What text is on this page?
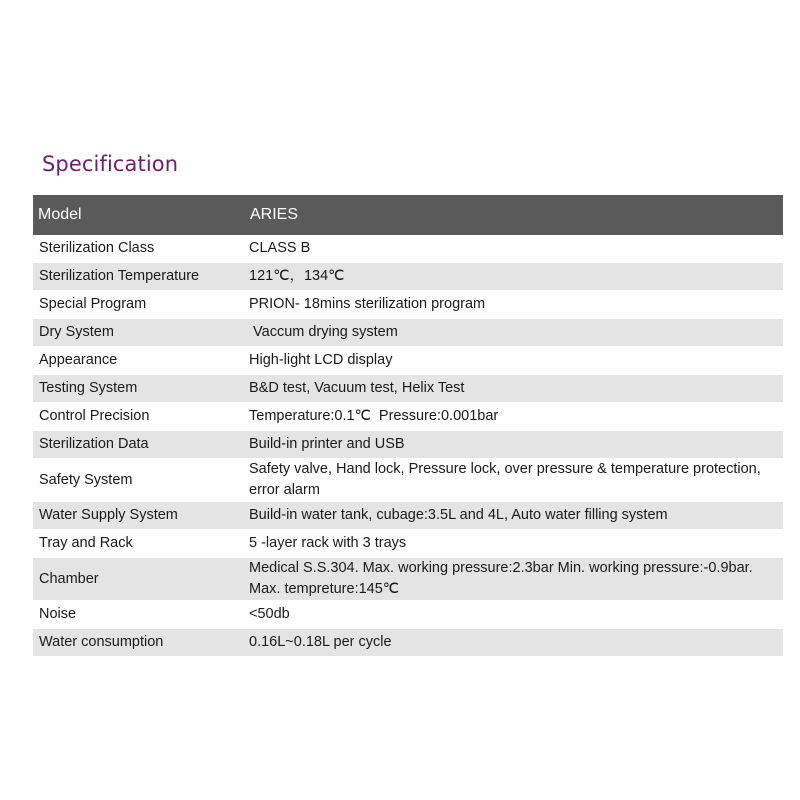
Specification
Model	ARIES
Sterilization Class	CLASS B
Sterilization Temperature	121℃，134℃
Special Program	PRION- 18mins sterilization program
Dry System	Vaccum drying system
Appearance	High-light LCD display
Testing System	B&D test, Vacuum test, Helix Test
Control Precision	Temperature:0.1℃  Pressure:0.001bar
Sterilization Data	Build-in printer and USB
Safety System	Safety valve, Hand lock, Pressure lock, over pressure & temperature protection, error alarm
Water Supply System	Build-in water tank, cubage:3.5L and 4L, Auto water filling system
Tray and Rack	5 -layer rack with 3 trays
Chamber	Medical S.S.304. Max. working pressure:2.3bar Min. working pressure:-0.9bar. Max. tempreture:145℃
Noise	<50db
Water consumption	0.16L~0.18L per cycle
